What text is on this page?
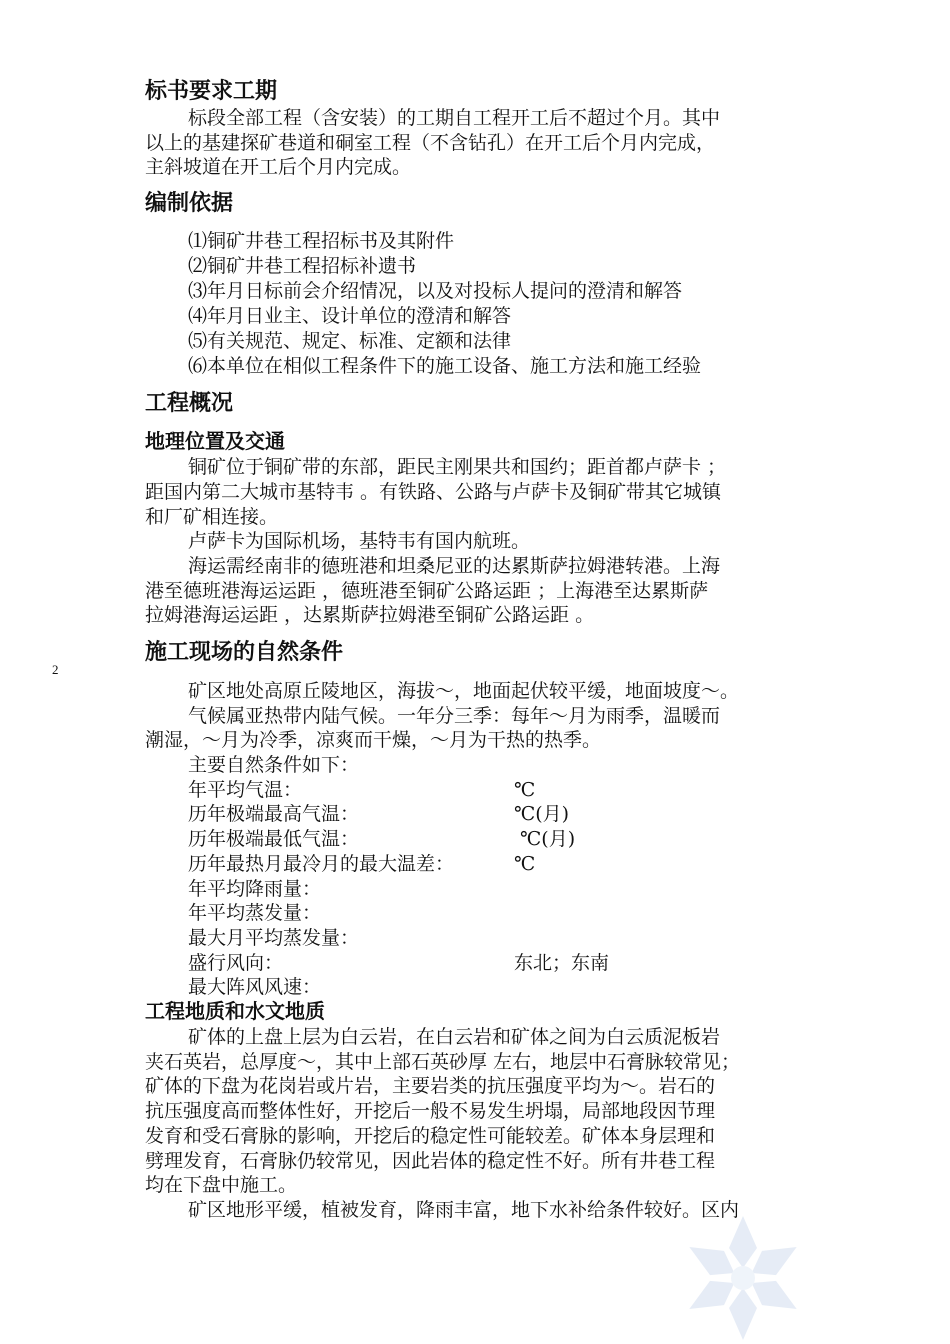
标书要求工期
标段全部工程（含安装）的工期自工程开工后不超过个月。其中
以上的基建探矿巷道和硐室工程（不含钻孔）在开工后个月内完成，
主斜坡道在开工后个月内完成。
编制依据
⑴铜矿井巷工程招标书及其附件
⑵铜矿井巷工程招标补遗书
⑶年月日标前会介绍情况，以及对投标人提问的澄清和解答
⑷年月日业主、设计单位的澄清和解答
⑸有关规范、规定、标准、定额和法律
⑹本单位在相似工程条件下的施工设备、施工方法和施工经验
工程概况
地理位置及交通
铜矿位于铜矿带的东部，距民主刚果共和国约；距首都卢萨卡 ；
距国内第二大城市基特韦 。有铁路、公路与卢萨卡及铜矿带其它城镇
和厂矿相连接。
卢萨卡为国际机场，基特韦有国内航班。
海运需经南非的德班港和坦桑尼亚的达累斯萨拉姆港转港。上海
港至德班港海运运距 ，德班港至铜矿公路运距 ；上海港至达累斯萨
拉姆港海运运距 ，达累斯萨拉姆港至铜矿公路运距 。
施工现场的自然条件
2
矿区地处高原丘陵地区，海拔～，地面起伏较平缓，地面坡度～。
气候属亚热带内陆气候。一年分三季：每年～月为雨季，温暖而
潮湿，～月为冷季，凉爽而干燥，～月为干热的热季。
主要自然条件如下：
年平均气温：	℃
历年极端最高气温：	℃(月)
历年极端最低气温：	℃(月)
历年最热月最冷月的最大温差：	℃
年平均降雨量：
年平均蒸发量：
最大月平均蒸发量：
盛行风向：	东北；东南
最大阵风风速：
工程地质和水文地质
矿体的上盘上层为白云岩，在白云岩和矿体之间为白云质泥板岩
夹石英岩，总厚度～，其中上部石英砂厚 左右，地层中石膏脉较常见；
矿体的下盘为花岗岩或片岩，主要岩类的抗压强度平均为～。岩石的
抗压强度高而整体性好，开挖后一般不易发生坍塌，局部地段因节理
发育和受石膏脉的影响，开挖后的稳定性可能较差。矿体本身层理和
劈理发育，石膏脉仍较常见，因此岩体的稳定性不好。所有井巷工程
均在下盘中施工。
矿区地形平缓，植被发育，降雨丰富，地下水补给条件较好。区内
